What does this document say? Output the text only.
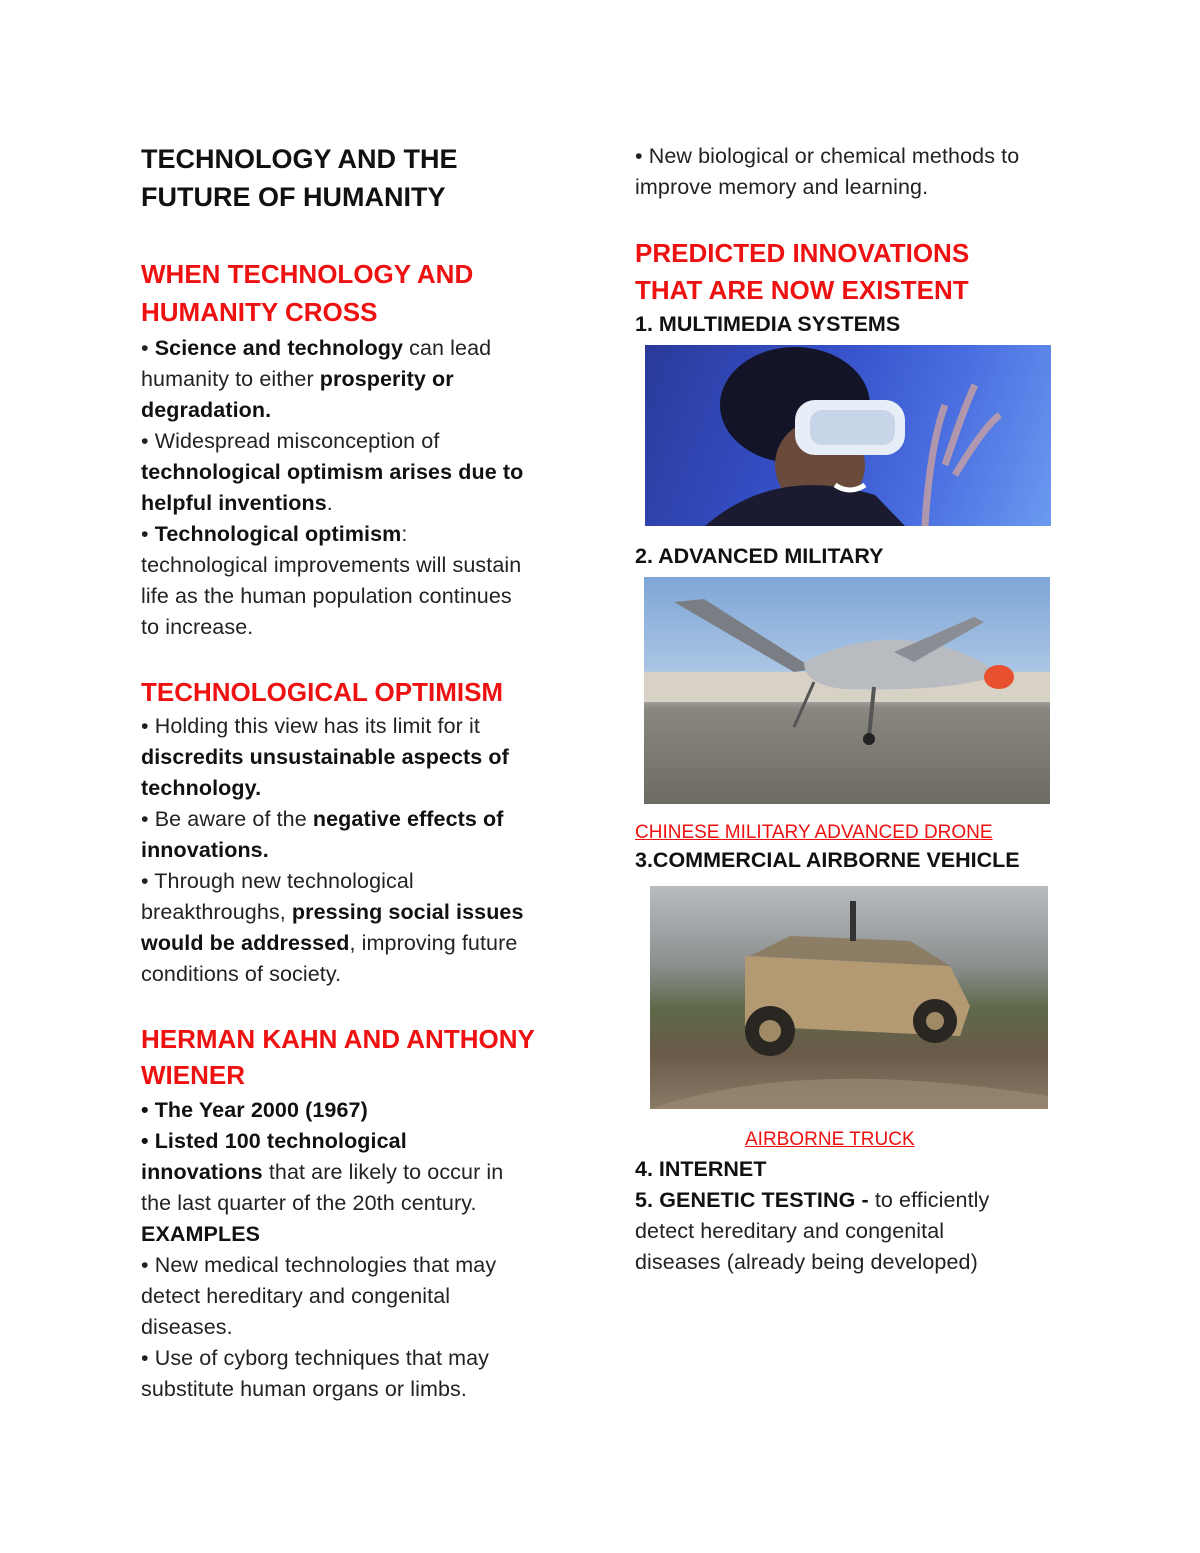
TECHNOLOGY AND THE
FUTURE OF HUMANITY
WHEN TECHNOLOGY AND
HUMANITY CROSS
• Science and technology can lead
humanity to either prosperity or
degradation.
• Widespread misconception of
technological optimism arises due to
helpful inventions.
• Technological optimism:
technological improvements will sustain
life as the human population continues
to increase.
TECHNOLOGICAL OPTIMISM
• Holding this view has its limit for it
discredits unsustainable aspects of
technology.
• Be aware of the negative effects of
innovations.
• Through new technological
breakthroughs, pressing social issues
would be addressed, improving future
conditions of society.
HERMAN KAHN AND ANTHONY
WIENER
• The Year 2000 (1967)
• Listed 100 technological
innovations that are likely to occur in
the last quarter of the 20th century.
EXAMPLES
• New medical technologies that may
detect hereditary and congenital
diseases.
• Use of cyborg techniques that may
substitute human organs or limbs.
• New biological or chemical methods to
improve memory and learning.
PREDICTED INNOVATIONS
THAT ARE NOW EXISTENT
1. MULTIMEDIA SYSTEMS
2. ADVANCED MILITARY
CHINESE MILITARY ADVANCED DRONE
3.COMMERCIAL AIRBORNE VEHICLE
AIRBORNE TRUCK
4. INTERNET
5. GENETIC TESTING - to efficiently
detect hereditary and congenital
diseases (already being developed)
